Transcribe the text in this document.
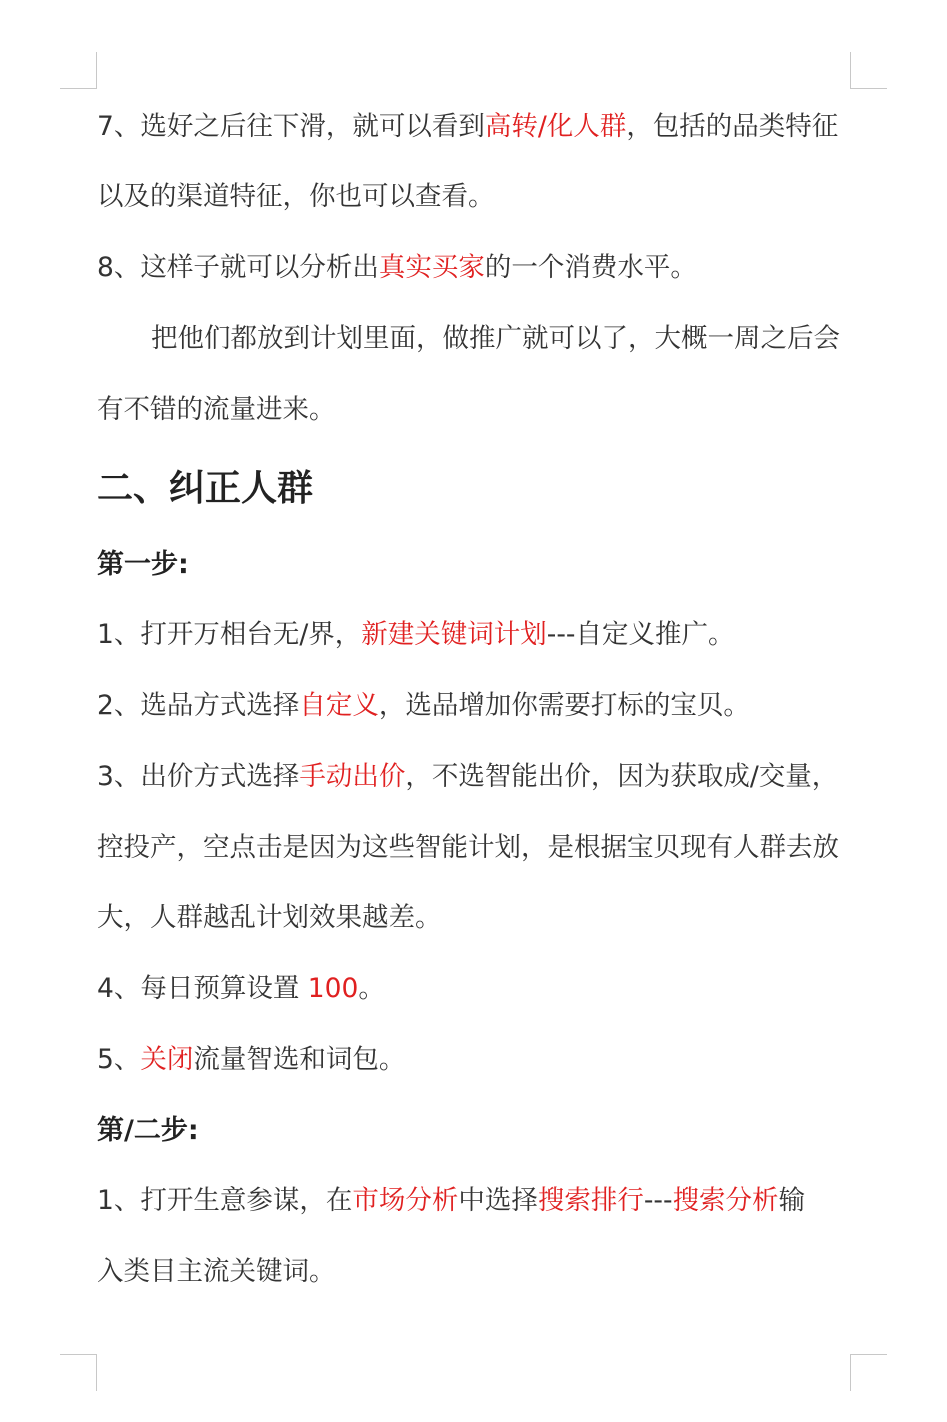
7、选好之后往下滑，就可以看到高转/化人群，包括的品类特征
以及的渠道特征，你也可以查看。
8、这样子就可以分析出真实买家的一个消费水平。
把他们都放到计划里面，做推广就可以了，大概一周之后会
有不错的流量进来。
二、纠正人群
第一步:
1、打开万相台无/界，新建关键词计划---自定义推广。
2、选品方式选择自定义，选品增加你需要打标的宝贝。
3、出价方式选择手动出价，不选智能出价，因为获取成/交量，
控投产，空点击是因为这些智能计划，是根据宝贝现有人群去放
大，人群越乱计划效果越差。
4、每日预算设置 100。
5、关闭流量智选和词包。
第/二步:
1、打开生意参谋，在市场分析中选择搜索排行---搜索分析输
入类目主流关键词。
